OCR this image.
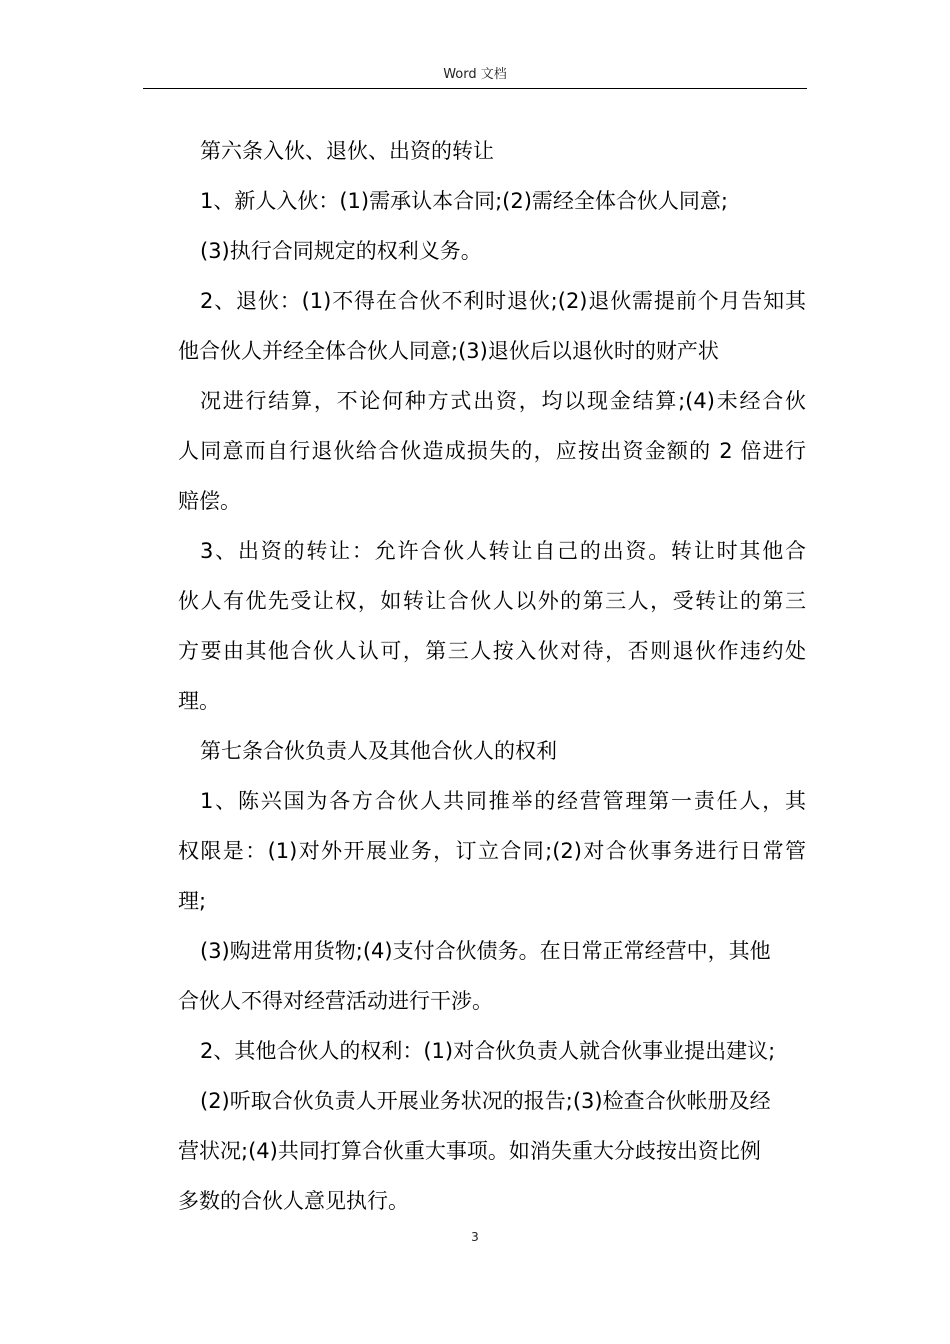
Word 文档
第六条入伙、退伙、出资的转让
1、新人入伙：(1)需承认本合同;(2)需经全体合伙人同意;
(3)执行合同规定的权利义务。
2、退伙：(1)不得在合伙不利时退伙;(2)退伙需提前个月告知其
他合伙人并经全体合伙人同意;(3)退伙后以退伙时的财产状
况进行结算，不论何种方式出资，均以现金结算;(4)未经合伙
人同意而自行退伙给合伙造成损失的，应按出资金额的 2 倍进行
赔偿。
3、出资的转让：允许合伙人转让自己的出资。转让时其他合
伙人有优先受让权，如转让合伙人以外的第三人，受转让的第三
方要由其他合伙人认可，第三人按入伙对待，否则退伙作违约处
理。
第七条合伙负责人及其他合伙人的权利
1、陈兴国为各方合伙人共同推举的经营管理第一责任人，其
权限是：(1)对外开展业务，订立合同;(2)对合伙事务进行日常管
理;
(3)购进常用货物;(4)支付合伙债务。在日常正常经营中，其他
合伙人不得对经营活动进行干涉。
2、其他合伙人的权利：(1)对合伙负责人就合伙事业提出建议;
(2)听取合伙负责人开展业务状况的报告;(3)检查合伙帐册及经
营状况;(4)共同打算合伙重大事项。如消失重大分歧按出资比例
多数的合伙人意见执行。
3
